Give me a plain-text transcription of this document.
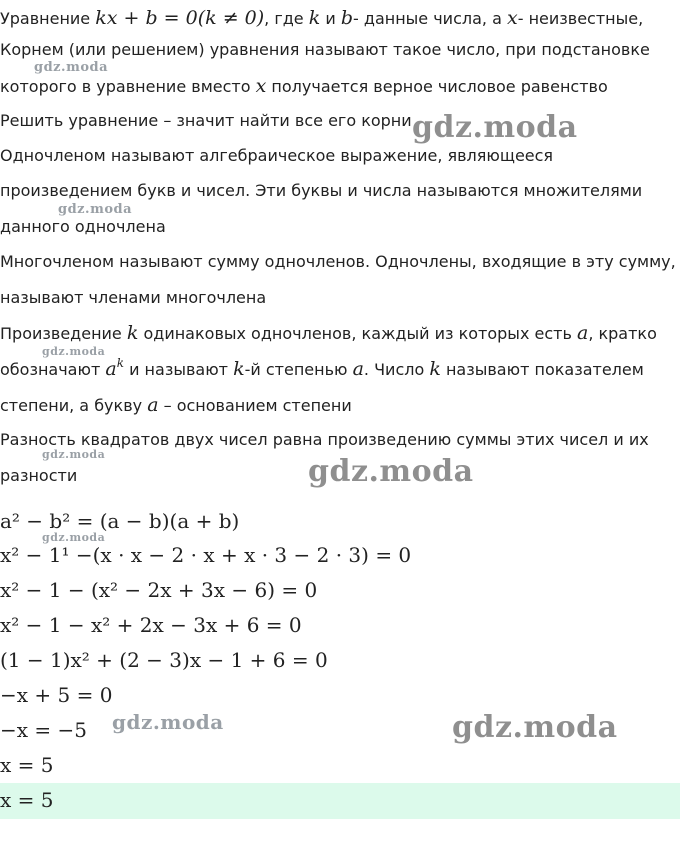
Уравнение kx + b = 0(k ≠ 0), где k и b- данные числа, а x- неизвестные,
Корнем (или решением) уравнения называют такое число, при подстановке
которого в уравнение вместо x получается верное числовое равенство
Решить уравнение – значит найти все его корни
Одночленом называют алгебраическое выражение, являющееся
произведением букв и чисел. Эти буквы и числа называются множителями
данного одночлена
Многочленом называют сумму одночленов. Одночлены, входящие в эту сумму,
называют членами многочлена
Произведение k одинаковых одночленов, каждый из которых есть a, кратко
обозначают $a^k$ и называют k-й степенью a. Число k называют показателем
степени, а букву a – основанием степени
Разность квадратов двух чисел равна произведению суммы этих чисел и их
разности
a² − b² = (a − b)(a + b)
x² − 1¹ −(x · x − 2 · x + x · 3 − 2 · 3) = 0
x² − 1 − (x² − 2x + 3x − 6) = 0
x² − 1 − x² + 2x − 3x + 6 = 0
(1 − 1)x² + (2 − 3)x − 1 + 6 = 0
−x + 5 = 0
−x = −5
x = 5
x = 5
gdz.moda
gdz.moda
gdz.moda
gdz.moda
gdz.moda	gdz.moda
gdz.moda
gdz.moda	gdz.moda
